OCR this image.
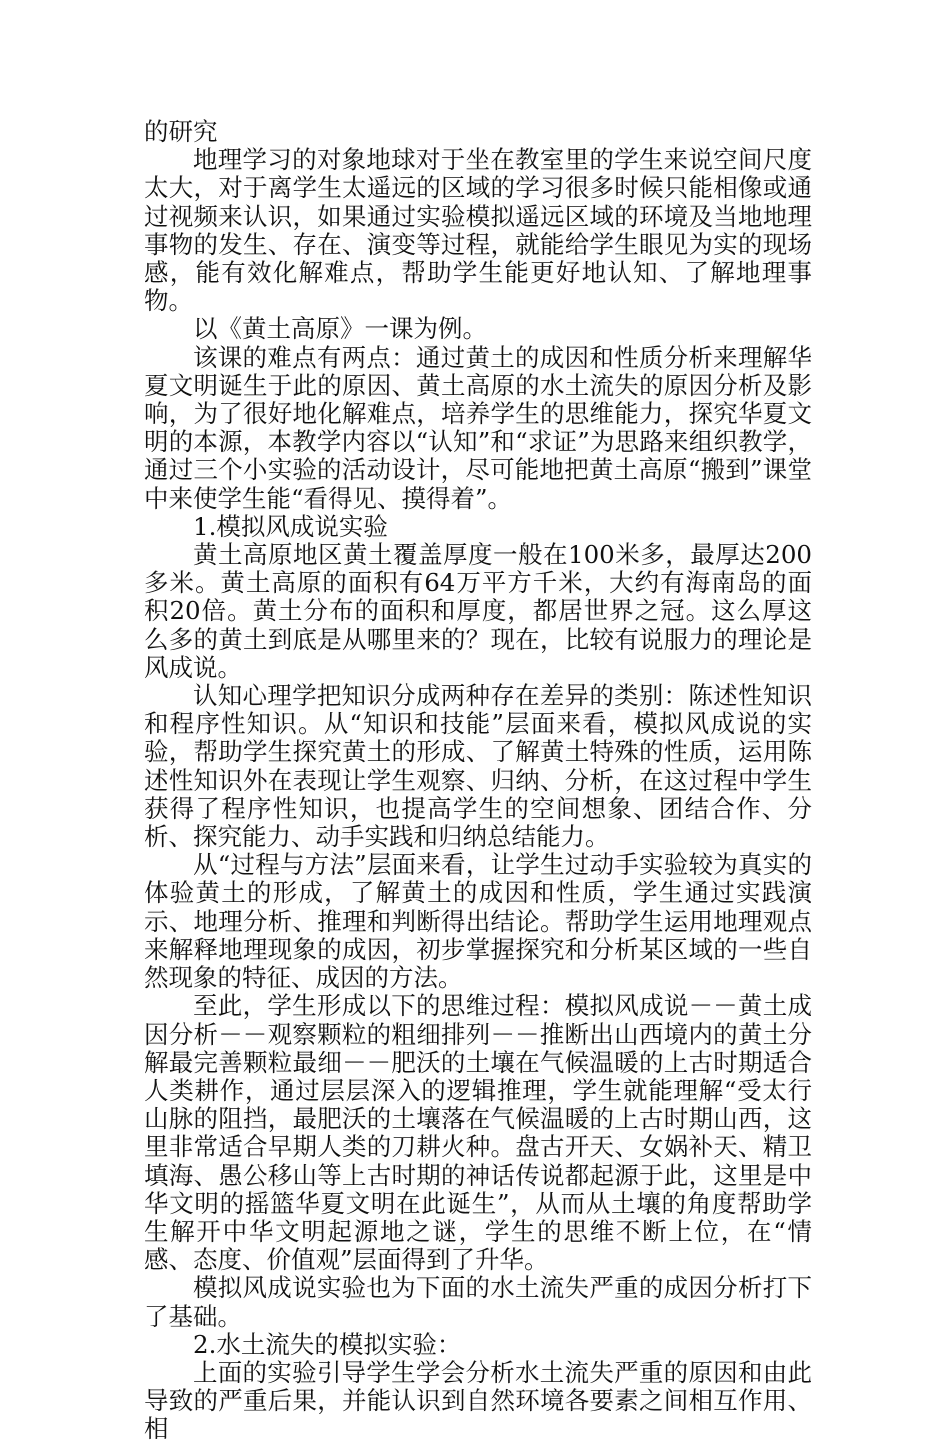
的研究

地理学习的对象地球对于坐在教室里的学生来说空间尺度太大，对于离学生太遥远的区域的学习很多时候只能相像或通过视频来认识，如果通过实验模拟遥远区域的环境及当地地理事物的发生、存在、演变等过程，就能给学生眼见为实的现场感，能有效化解难点，帮助学生能更好地认知、了解地理事物。

以《黄土高原》一课为例。

该课的难点有两点：通过黄土的成因和性质分析来理解华夏文明诞生于此的原因、黄土高原的水土流失的原因分析及影响，为了很好地化解难点，培养学生的思维能力，探究华夏文明的本源，本教学内容以“认知”和“求证”为思路来组织教学，通过三个小实验的活动设计，尽可能地把黄土高原“搬到”课堂中来使学生能“看得见、摸得着”。

1.模拟风成说实验

黄土高原地区黄土覆盖厚度一般在100米多，最厚达200多米。黄土高原的面积有64万平方千米，大约有海南岛的面积20倍。黄土分布的面积和厚度，都居世界之冠。这么厚这么多的黄土到底是从哪里来的？现在，比较有说服力的理论是风成说。

认知心理学把知识分成两种存在差异的类别：陈述性知识和程序性知识。从“知识和技能”层面来看，模拟风成说的实验，帮助学生探究黄土的形成、了解黄土特殊的性质，运用陈述性知识外在表现让学生观察、归纳、分析，在这过程中学生获得了程序性知识，也提高学生的空间想象、团结合作、分析、探究能力、动手实践和归纳总结能力。

从“过程与方法”层面来看，让学生过动手实验较为真实的体验黄土的形成，了解黄土的成因和性质，学生通过实践演示、地理分析、推理和判断得出结论。帮助学生运用地理观点来解释地理现象的成因，初步掌握探究和分析某区域的一些自然现象的特征、成因的方法。

至此，学生形成以下的思维过程：模拟风成说－－黄土成因分析－－观察颗粒的粗细排列－－推断出山西境内的黄土分解最完善颗粒最细－－肥沃的土壤在气候温暖的上古时期适合人类耕作，通过层层深入的逻辑推理，学生就能理解“受太行山脉的阻挡，最肥沃的土壤落在气候温暖的上古时期山西，这里非常适合早期人类的刀耕火种。盘古开天、女娲补天、精卫填海、愚公移山等上古时期的神话传说都起源于此，这里是中华文明的摇篮华夏文明在此诞生”，从而从土壤的角度帮助学生解开中华文明起源地之谜，学生的思维不断上位，在“情感、态度、价值观”层面得到了升华。

模拟风成说实验也为下面的水土流失严重的成因分析打下了基础。

2.水土流失的模拟实验：

上面的实验引导学生学会分析水土流失严重的原因和由此导致的严重后果，并能认识到自然环境各要素之间相互作用、相
